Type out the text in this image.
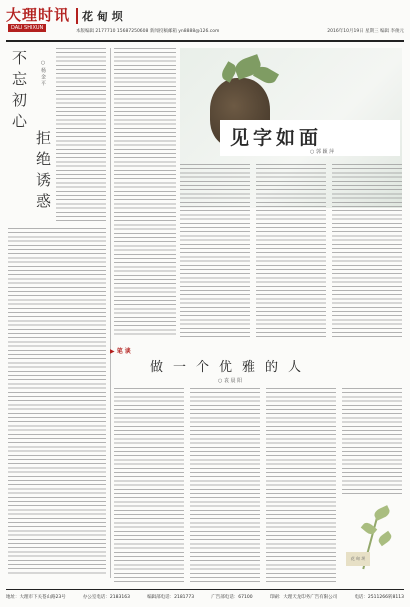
大理时讯
DALI SHIXUN
花 甸 坝
本版编辑 2177710 15687250608 新闻投稿邮箱 yn8888@126.com	2016年10月19日 星期三 编辑 李俊元
不忘初心
拒绝诱惑
○ 杨 金 平
见字如面
○ 郭 颖 萍
▶ 笔 谈
做一个优雅的人
○ 袁 晨 阳
花 甸 坝
地址：大理市下关苍山路23号	办公室电话：2183163	编辑部电话：2181773	广告部电话：67100	印刷：大理天龙印务广告有限公司	电话：2511266转8113
